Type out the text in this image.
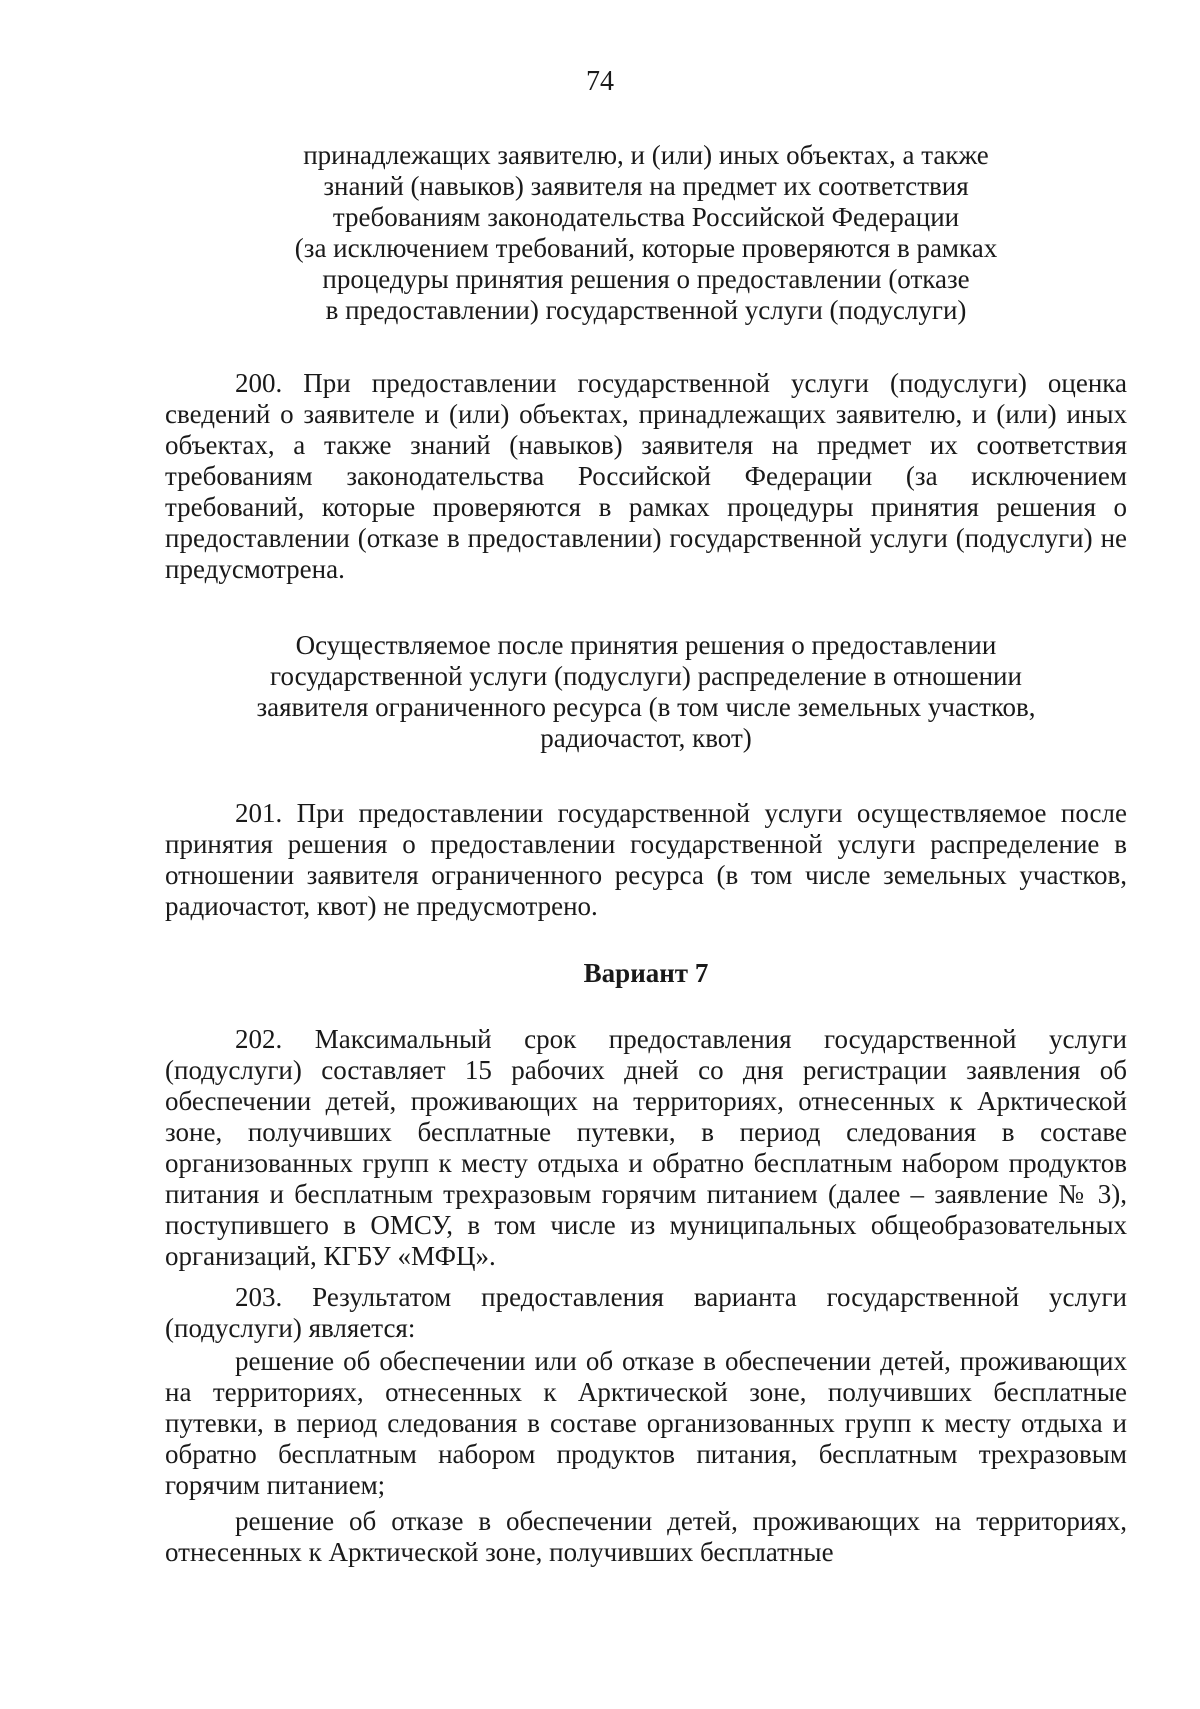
74
принадлежащих заявителю, и (или) иных объектах, а также
знаний (навыков) заявителя на предмет их соответствия
требованиям законодательства Российской Федерации
(за исключением требований, которые проверяются в рамках
процедуры принятия решения о предоставлении (отказе
в предоставлении) государственной услуги (подуслуги)

200. При предоставлении государственной услуги (подуслуги) оценка сведений о заявителе и (или) объектах, принадлежащих заявителю, и (или) иных объектах, а также знаний (навыков) заявителя на предмет их соответствия требованиям законодательства Российской Федерации (за исключением требований, которые проверяются в рамках процедуры принятия решения о предоставлении (отказе в предоставлении) государственной услуги (подуслуги) не предусмотрена.

Осуществляемое после принятия решения о предоставлении
государственной услуги (подуслуги) распределение в отношении
заявителя ограниченного ресурса (в том числе земельных участков,
радиочастот, квот)

201. При предоставлении государственной услуги осуществляемое после принятия решения о предоставлении государственной услуги распределение в отношении заявителя ограниченного ресурса (в том числе земельных участков, радиочастот, квот) не предусмотрено.

Вариант 7

202. Максимальный срок предоставления государственной услуги (подуслуги) составляет 15 рабочих дней со дня регистрации заявления об обеспечении детей, проживающих на территориях, отнесенных к Арктической зоне, получивших бесплатные путевки, в период следования в составе организованных групп к месту отдыха и обратно бесплатным набором продуктов питания и бесплатным трехразовым горячим питанием (далее – заявление № 3), поступившего в ОМСУ, в том числе из муниципальных общеобразовательных организаций, КГБУ «МФЦ».

203. Результатом предоставления варианта государственной услуги (подуслуги) является:

решение об обеспечении или об отказе в обеспечении детей, проживающих на территориях, отнесенных к Арктической зоне, получивших бесплатные путевки, в период следования в составе организованных групп к месту отдыха и обратно бесплатным набором продуктов питания, бесплатным трехразовым горячим питанием;

решение об отказе в обеспечении детей, проживающих на территориях, отнесенных к Арктической зоне, получивших бесплатные
